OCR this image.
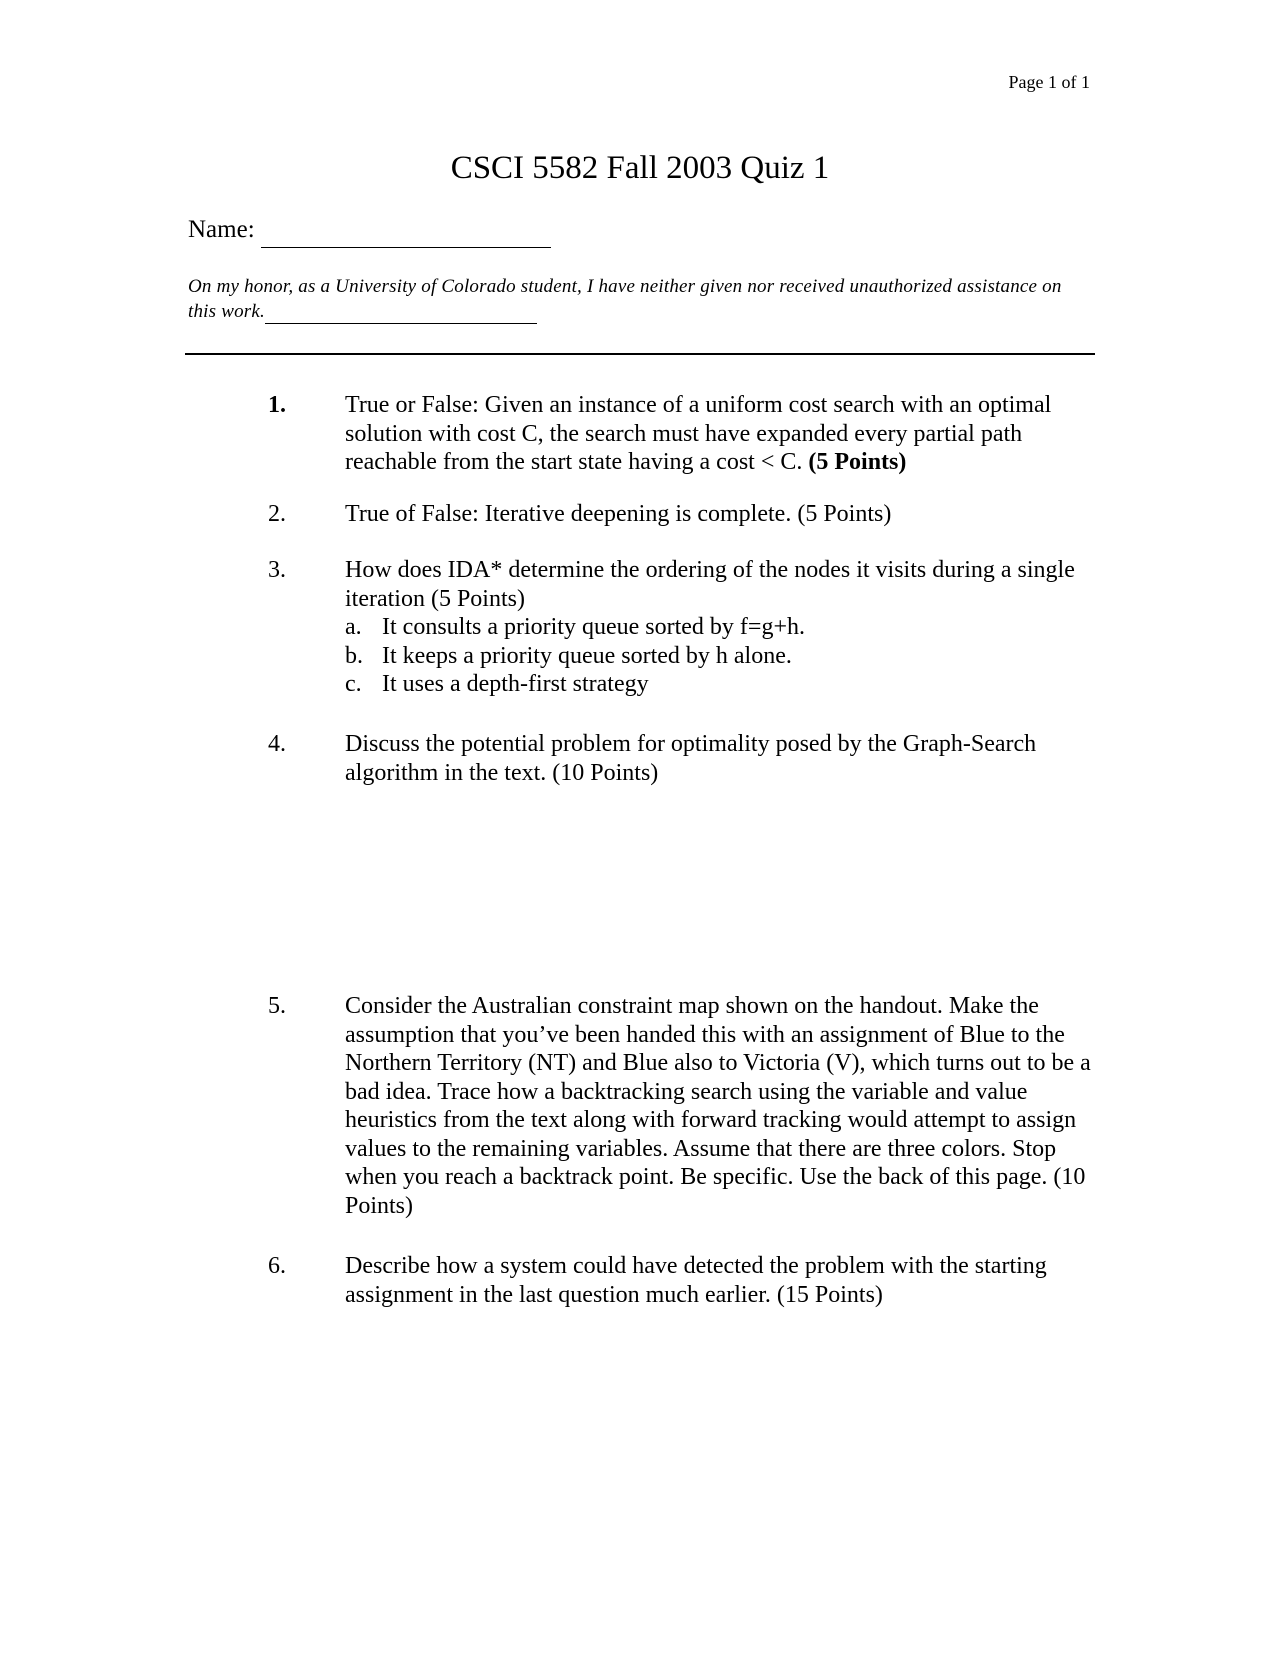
Page 1 of 1
CSCI 5582 Fall 2003 Quiz 1
Name:
On my honor, as a University of Colorado student, I have neither given nor received unauthorized assistance on this work.
1. True or False: Given an instance of a uniform cost search with an optimal solution with cost C, the search must have expanded every partial path reachable from the start state having a cost < C. (5 Points)
2. True of False: Iterative deepening is complete. (5 Points)
3. How does IDA* determine the ordering of the nodes it visits during a single iteration (5 Points)
a. It consults a priority queue sorted by f=g+h.
b. It keeps a priority queue sorted by h alone.
c. It uses a depth-first strategy
4. Discuss the potential problem for optimality posed by the Graph-Search algorithm in the text. (10 Points)
5. Consider the Australian constraint map shown on the handout. Make the assumption that you’ve been handed this with an assignment of Blue to the Northern Territory (NT) and Blue also to Victoria (V), which turns out to be a bad idea. Trace how a backtracking search using the variable and value heuristics from the text along with forward tracking would attempt to assign values to the remaining variables. Assume that there are three colors. Stop when you reach a backtrack point. Be specific. Use the back of this page. (10 Points)
6. Describe how a system could have detected the problem with the starting assignment in the last question much earlier. (15 Points)
